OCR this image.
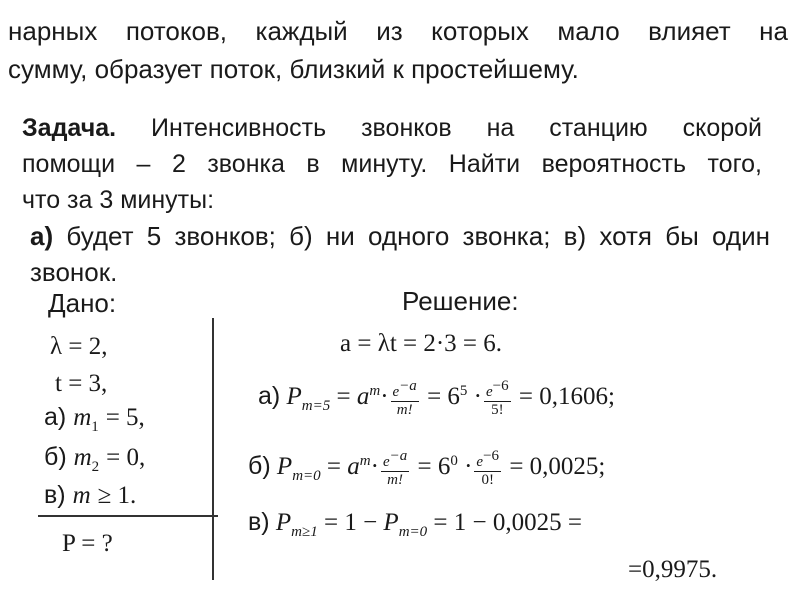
нарных потоков, каждый из которых мало влияет на
сумму, образует поток, близкий к простейшему.
Задача. Интенсивность звонков на станцию скорой
помощи – 2 звонка в минуту. Найти вероятность того,
что за 3 минуты:
а) будет 5 звонков; б) ни одного звонка; в) хотя бы один
звонок.
Дано:
λ = 2,
t = 3,
а) $m_1 = 5$,
б) $m_2 = 0$,
в) m ≥ 1.
P = ?
Решение:
a = λt = 2·3 = 6.
а) $P_{m=5} = a^m\cdot \frac{e^{-a}}{m!} = 6^5 \cdot \frac{e^{-6}}{5!} = 0,1606$;
б) $P_{m=0} = a^m\cdot \frac{e^{-a}}{m!} = 6^0 \cdot \frac{e^{-6}}{0!} = 0,0025$;
в) $P_{m\ge 1} = 1 - P_{m=0} = 1 - 0,0025$ =
=0,9975.
